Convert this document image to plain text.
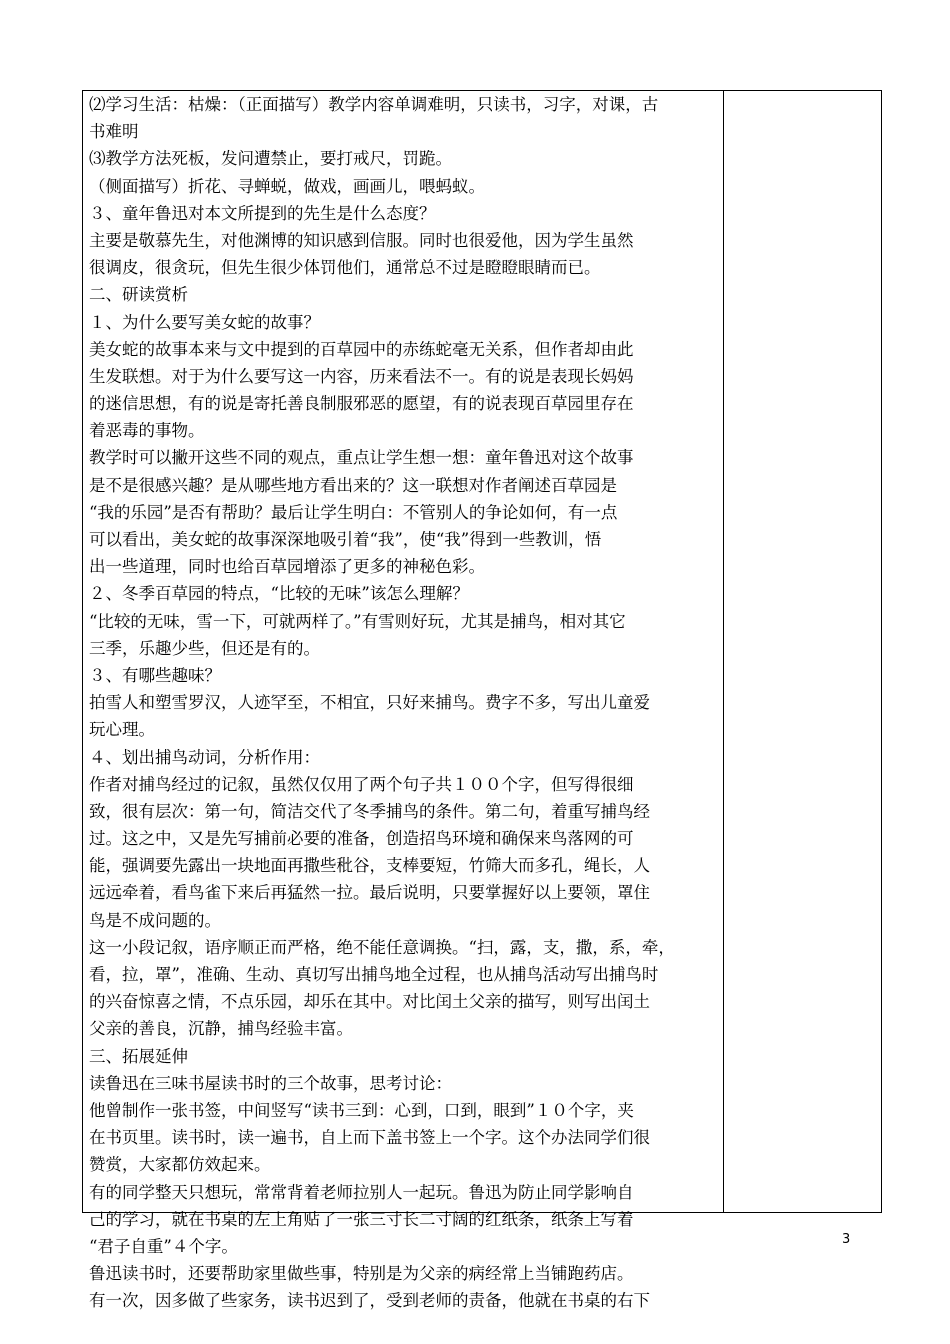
⑵学习生活：枯燥：（正面描写）教学内容单调难明，只读书，习字，对课，古
书难明
⑶教学方法死板，发问遭禁止，要打戒尺，罚跪。
（侧面描写）折花、寻蝉蜕，做戏，画画儿，喂蚂蚁。
３、童年鲁迅对本文所提到的先生是什么态度？
主要是敬慕先生，对他渊博的知识感到信服。同时也很爱他，因为学生虽然
很调皮，很贪玩，但先生很少体罚他们，通常总不过是瞪瞪眼睛而已。
二、研读赏析
１、为什么要写美女蛇的故事？
美女蛇的故事本来与文中提到的百草园中的赤练蛇毫无关系，但作者却由此
生发联想。对于为什么要写这一内容，历来看法不一。有的说是表现长妈妈
的迷信思想，有的说是寄托善良制服邪恶的愿望，有的说表现百草园里存在
着恶毒的事物。
教学时可以撇开这些不同的观点，重点让学生想一想：童年鲁迅对这个故事
是不是很感兴趣？是从哪些地方看出来的？这一联想对作者阐述百草园是
“我的乐园”是否有帮助？最后让学生明白：不管别人的争论如何，有一点
可以看出，美女蛇的故事深深地吸引着“我”，使“我”得到一些教训，悟
出一些道理，同时也给百草园增添了更多的神秘色彩。
２、冬季百草园的特点，“比较的无味”该怎么理解？
“比较的无味，雪一下，可就两样了。”有雪则好玩，尤其是捕鸟，相对其它
三季，乐趣少些，但还是有的。
３、有哪些趣味？
拍雪人和塑雪罗汉，人迹罕至，不相宜，只好来捕鸟。费字不多，写出儿童爱
玩心理。
４、划出捕鸟动词，分析作用：
作者对捕鸟经过的记叙，虽然仅仅用了两个句子共１００个字，但写得很细
致，很有层次：第一句，简洁交代了冬季捕鸟的条件。第二句，着重写捕鸟经
过。这之中，又是先写捕前必要的准备，创造招鸟环境和确保来鸟落网的可
能，强调要先露出一块地面再撒些秕谷，支棒要短，竹筛大而多孔，绳长，人
远远牵着，看鸟雀下来后再猛然一拉。最后说明，只要掌握好以上要领，罩住
鸟是不成问题的。
这一小段记叙，语序顺正而严格，绝不能任意调换。“扫，露，支，撒，系，牵，
看，拉，罩”，准确、生动、真切写出捕鸟地全过程，也从捕鸟活动写出捕鸟时
的兴奋惊喜之情，不点乐园，却乐在其中。对比闰土父亲的描写，则写出闰土
父亲的善良，沉静，捕鸟经验丰富。
三、拓展延伸
读鲁迅在三味书屋读书时的三个故事，思考讨论：
他曾制作一张书签，中间竖写“读书三到：心到，口到，眼到”１０个字，夹
在书页里。读书时，读一遍书，自上而下盖书签上一个字。这个办法同学们很
赞赏，大家都仿效起来。
有的同学整天只想玩，常常背着老师拉别人一起玩。鲁迅为防止同学影响自
己的学习，就在书桌的左上角贴了一张三寸长二寸阔的红纸条，纸条上写着
“君子自重”４个字。
鲁迅读书时，还要帮助家里做些事，特别是为父亲的病经常上当铺跑药店。
有一次，因多做了些家务，读书迟到了，受到老师的责备，他就在书桌的右下
3
